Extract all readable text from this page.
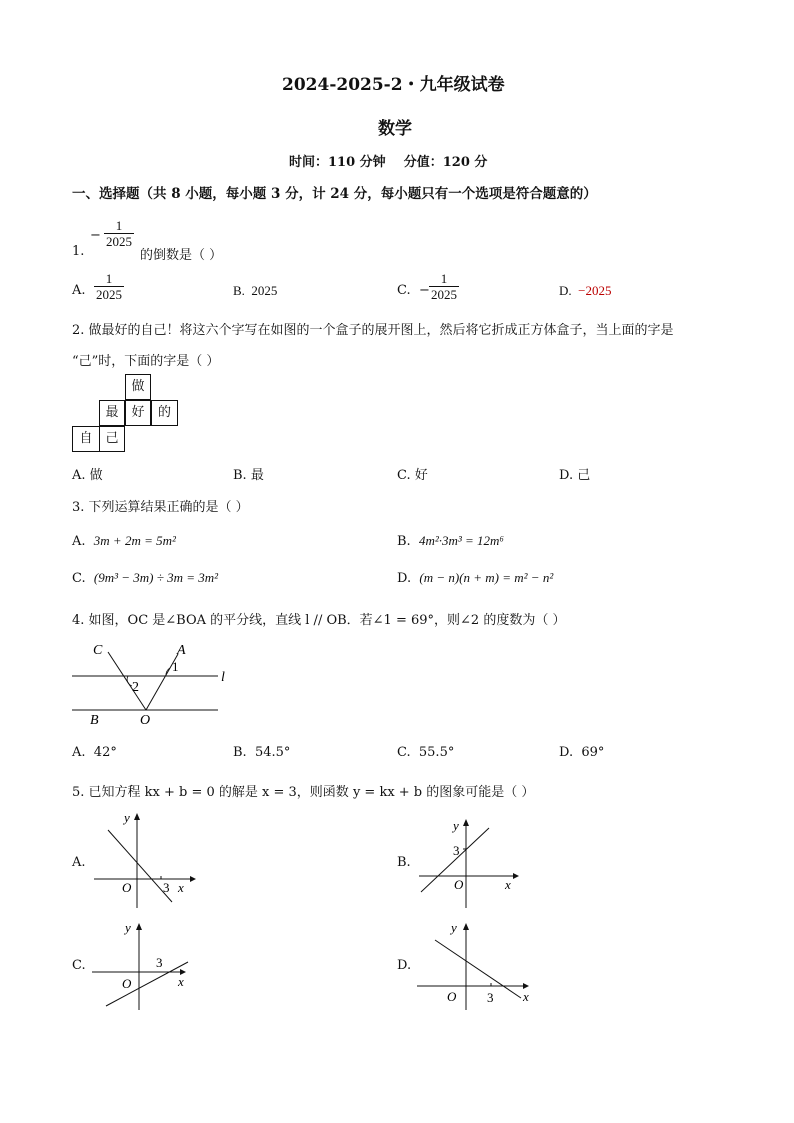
2024-2025-2・九年级试卷
数学
时间：110 分钟    分值：120 分
一、选择题（共 8 小题，每小题 3 分，计 24 分，每小题只有一个选项是符合题意的）
1.
− $\frac{1}{2025}$
的倒数是（ ）
A. $\frac{1}{2025}$	B. 2025	C. − $\frac{1}{2025}$	D. −2025
2. 做最好的自己！将这六个字写在如图的一个盒子的展开图上，然后将它折成正方体盒子，当上面的字是
“己”时，下面的字是（ ）
做
最 好	的
自 己
A. 做	B. 最	C. 好	D. 己
3. 下列运算结果正确的是（ ）
A. 3m + 2m = 5m²	B. 4m²·3m³ = 12m⁶
C. (9m³ − 3m) ÷ 3m = 3m²	D. (m − n)(n + m) = m² − n²
4. 如图，OC 是∠BOA 的平分线，直线 l // OB．若∠1 = 69°，则∠2 的度数为（ ）
C	A
1
2
l
B	O
A. 42°	B. 54.5°	C. 55.5°	D. 69°
5. 已知方程 kx + b = 0 的解是 x = 3，则函数 y = kx + b 的图象可能是（ ）
A.
y
O 3 x
B.
y
3
O	x
C.
y
3
O	x
D.
y
O 3 x
